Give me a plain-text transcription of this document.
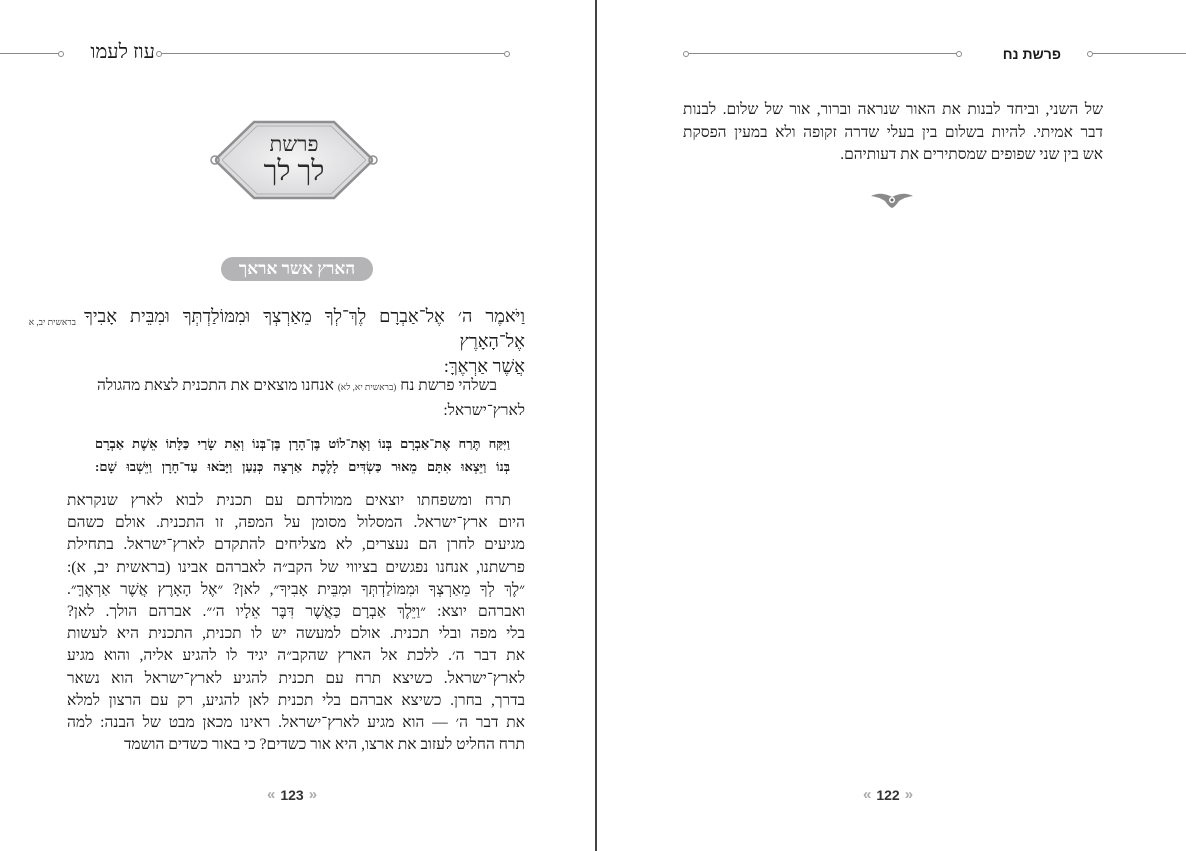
עוז לעמו
פרשת
לך לך
הארץ אשר אראך
בראשית יב, א וַיֹּאמֶר ה׳ אֶל־אַבְרָם לֶךְ־לְךָ מֵאַרְצְךָ וּמִמּוֹלַדְתְּךָ וּמִבֵּית אָבִיךָ אֶל־הָאָרֶץ
אֲשֶׁר אַרְאֶךָּ:
בשלהי פרשת נח (בראשית יא, לא) אנחנו מוצאים את התכנית לצאת מהגולה
לארץ־ישראל:
וַיִּקַּח תֶּרַח אֶת־אַבְרָם בְּנוֹ וְאֶת־לוֹט בֶּן־הָרָן בֶּן־בְּנוֹ וְאֵת שָׂרַי כַּלָּתוֹ אֵשֶׁת אַבְרָם
בְּנוֹ וַיֵּצְאוּ אִתָּם מֵאוּר כַּשְׂדִּים לָלֶכֶת אַרְצָה כְּנַעַן וַיָּבֹאוּ עַד־חָרָן וַיֵּשְׁבוּ שָׁם:
תרח ומשפחתו יוצאים ממולדתם עם תכנית לבוא לארץ שנקראת
היום ארץ־ישראל. המסלול מסומן על המפה, זו התכנית. אולם כשהם
מגיעים לחרן הם נעצרים, לא מצליחים להתקדם לארץ־ישראל. בתחילת
פרשתנו, אנחנו נפגשים בציווי של הקב״ה לאברהם אבינו (בראשית יב, א):
״לֶךְ לְךָ מֵאַרְצְךָ וּמִמּוֹלַדְתְּךָ וּמִבֵּית אָבִיךָ״, לאן? ״אֶל הָאָרֶץ אֲשֶׁר אַרְאֶךָּ״.
ואברהם יוצא: ״וַיֵּלֶךְ אַבְרָם כַּאֲשֶׁר דִּבֶּר אֵלָיו ה׳״. אברהם הולך. לאן?
בלי מפה ובלי תכנית. אולם למעשה יש לו תכנית, התכנית היא לעשות
את דבר ה׳. ללכת אל הארץ שהקב״ה יגיד לו להגיע אליה, והוא מגיע
לארץ־ישראל. כשיצא תרח עם תכנית להגיע לארץ־ישראל הוא נשאר
בדרך, בחרן. כשיצא אברהם בלי תכנית לאן להגיע, רק עם הרצון למלא
את דבר ה׳ — הוא מגיע לארץ־ישראל. ראינו מכאן מבט של הבנה: למה
תרח החליט לעזוב את ארצו, היא אור כשדים? כי באור כשדים הושמד
« 123 »
פרשת נח
של השני, וביחד לבנות את האור שנראה וברור, אור של שלום. לבנות
דבר אמיתי. להיות בשלום בין בעלי שדרה זקופה ולא במעין הפסקת
אש בין שני שפופים שמסתירים את דעותיהם.
« 122 »
